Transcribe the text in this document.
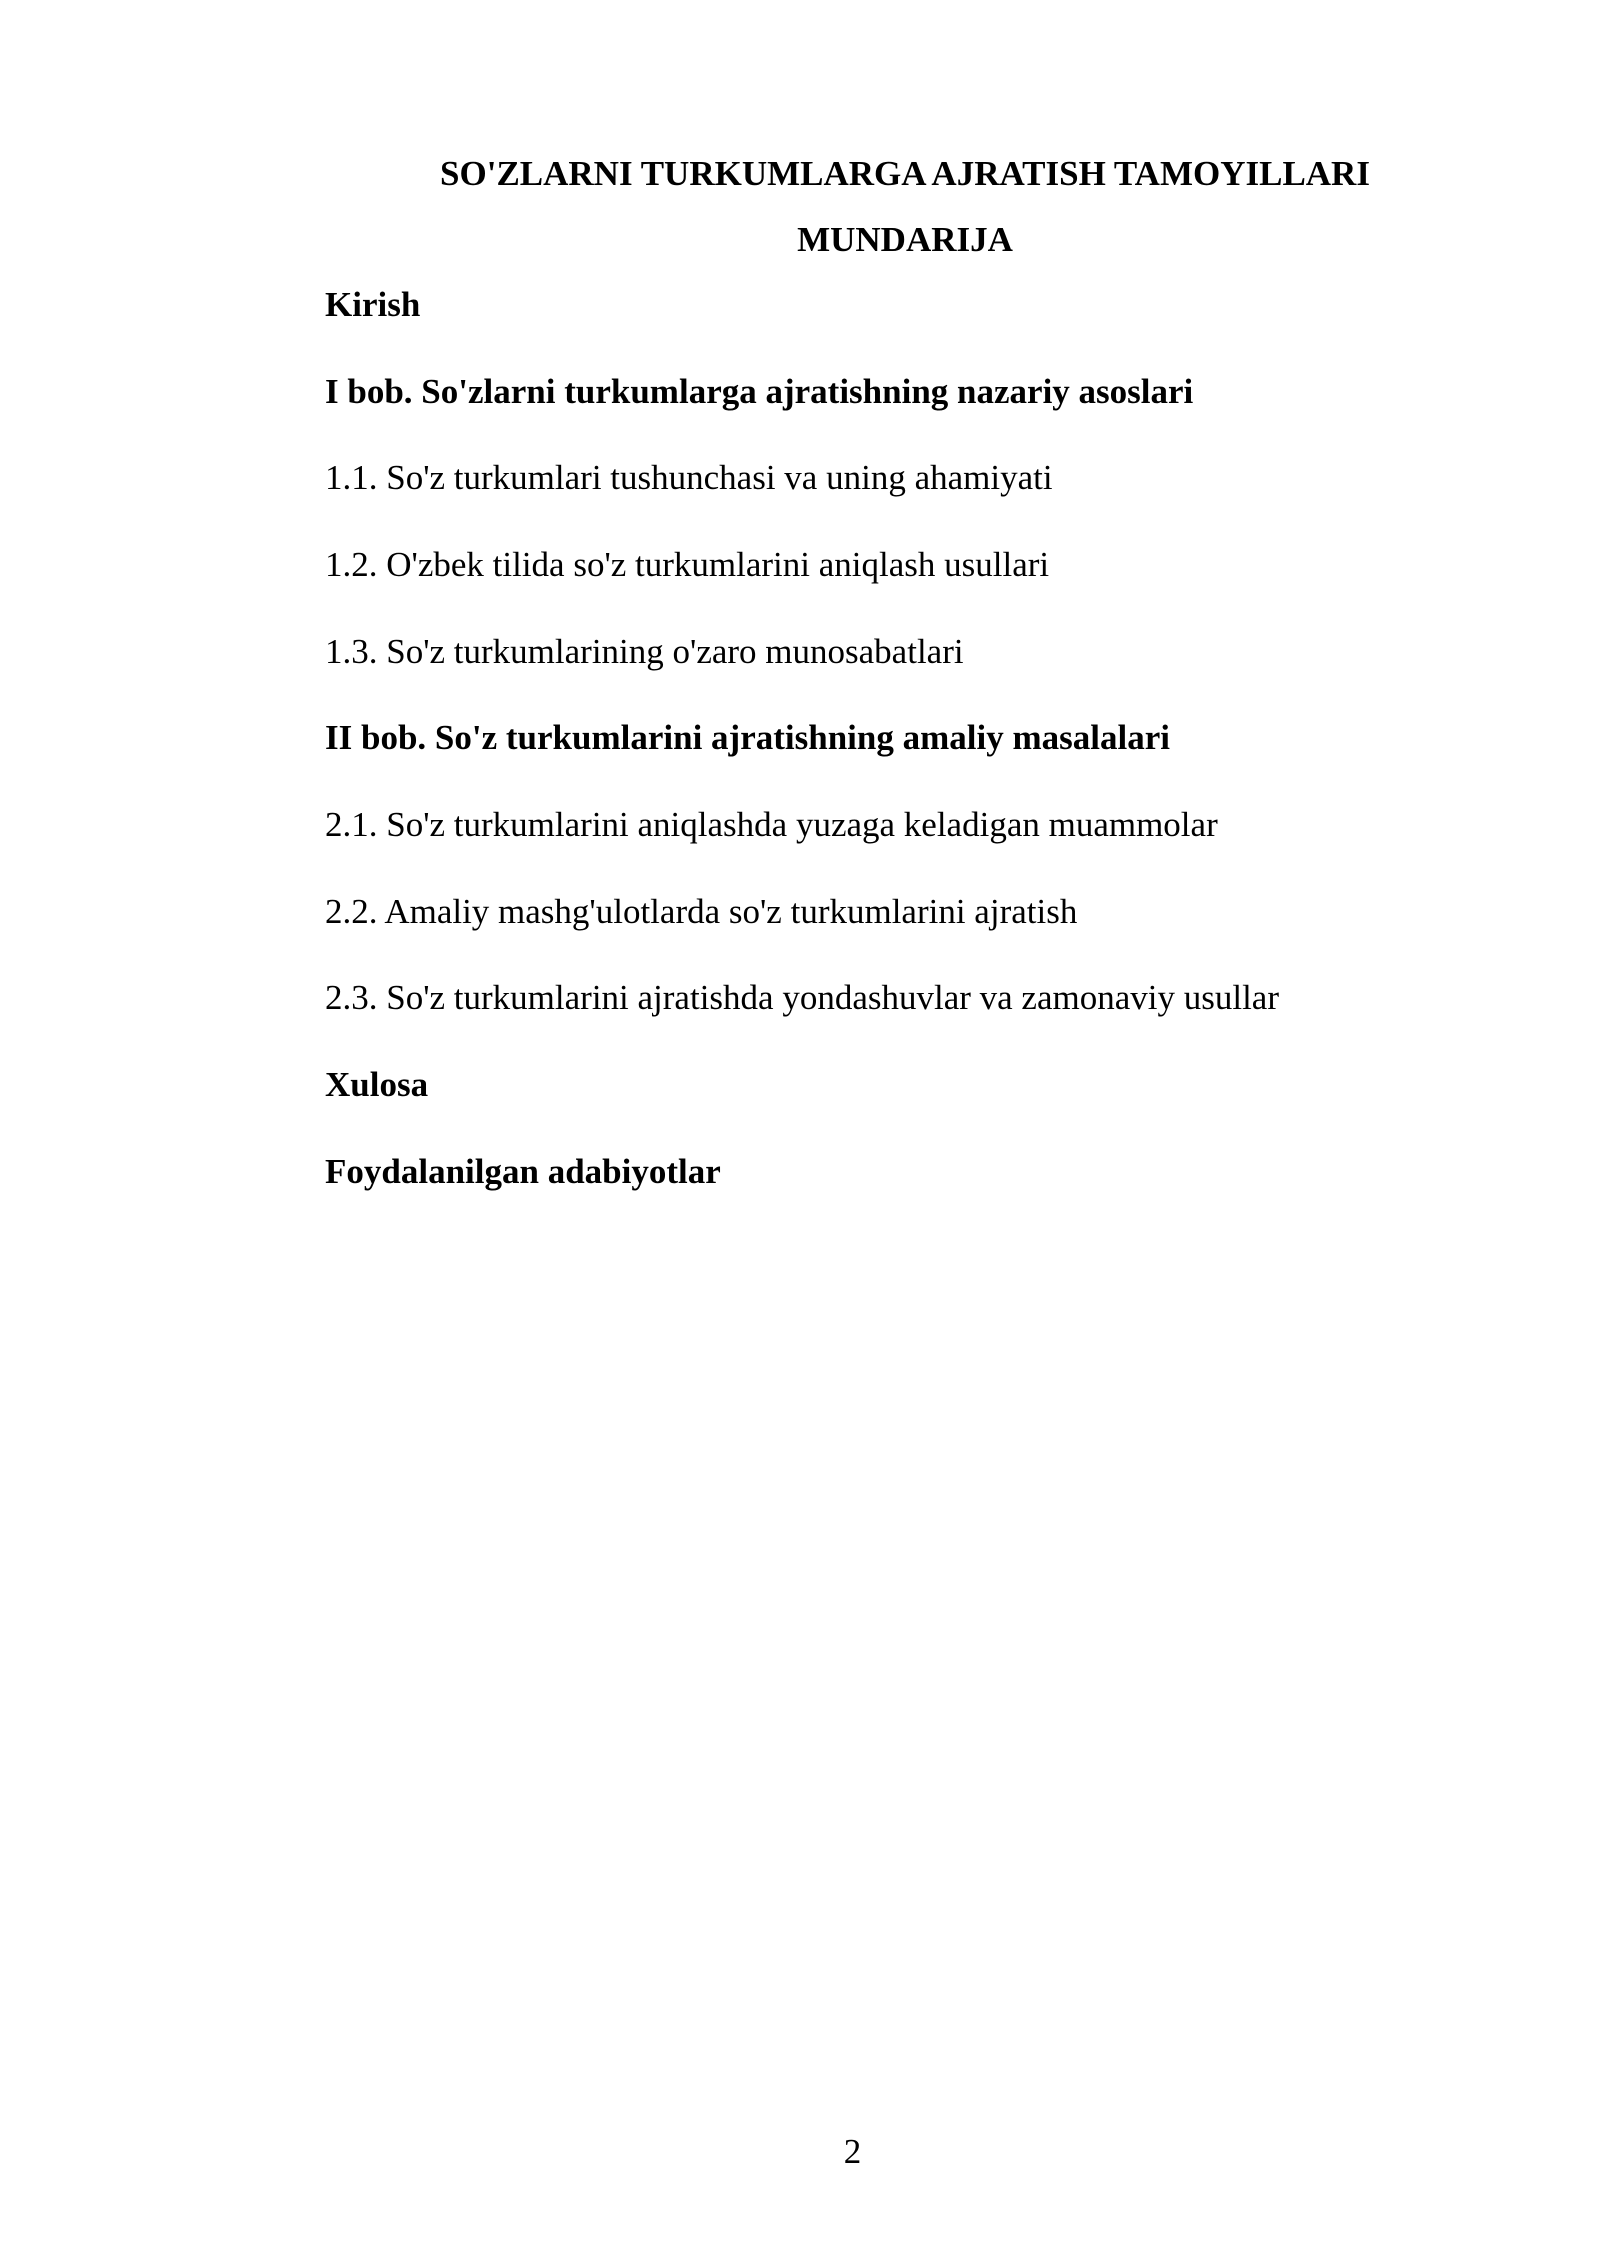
SO'ZLARNI TURKUMLARGA AJRATISH TAMOYILLARI
MUNDARIJA
Kirish
I bob. So'zlarni turkumlarga ajratishning nazariy asoslari
1.1. So'z turkumlari tushunchasi va uning ahamiyati
1.2. O'zbek tilida so'z turkumlarini aniqlash usullari
1.3. So'z turkumlarining o'zaro munosabatlari
II bob. So'z turkumlarini ajratishning amaliy masalalari
2.1. So'z turkumlarini aniqlashda yuzaga keladigan muammolar
2.2. Amaliy mashg'ulotlarda so'z turkumlarini ajratish
2.3. So'z turkumlarini ajratishda yondashuvlar va zamonaviy usullar
Xulosa
Foydalanilgan adabiyotlar
2
